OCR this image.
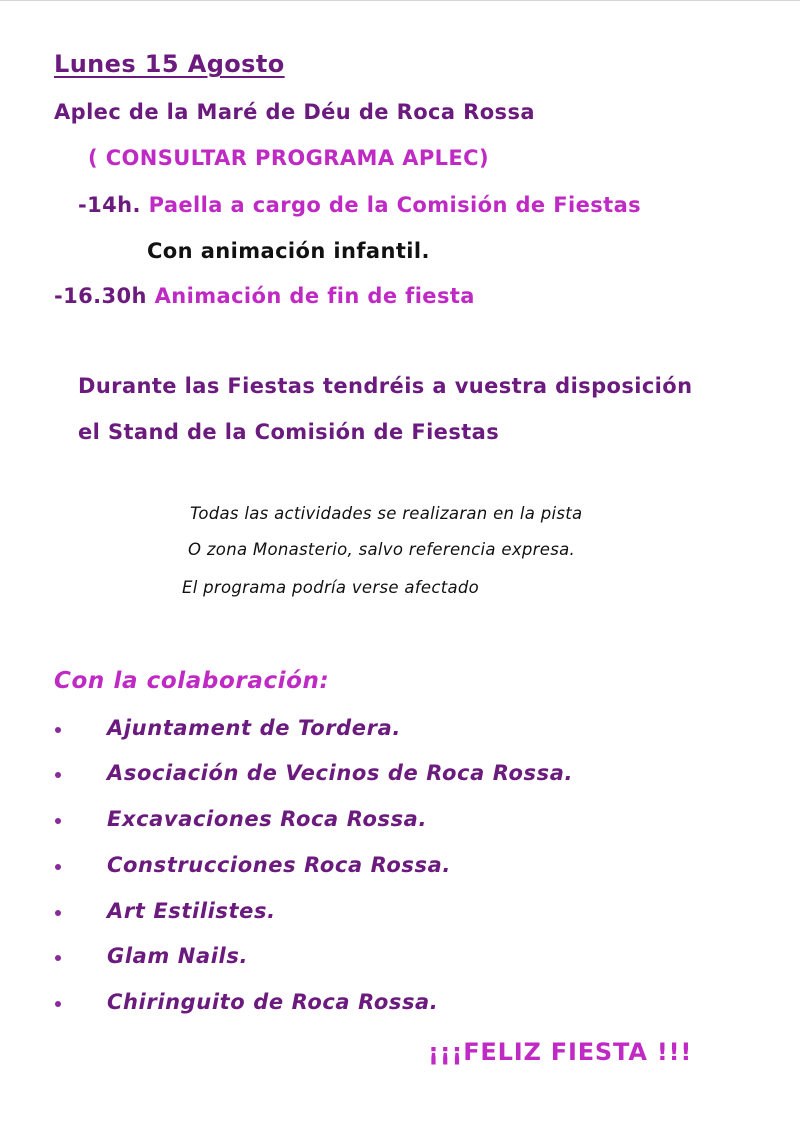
Lunes 15 Agosto
Aplec de la Maré de Déu de Roca Rossa
( CONSULTAR PROGRAMA APLEC)
-14h. Paella a cargo de la Comisión de Fiestas
Con animación infantil.
-16.30h Animación de fin de fiesta
Durante las Fiestas tendréis a vuestra disposición
el Stand de la Comisión de Fiestas
Todas las actividades se realizaran en la pista
O zona Monasterio, salvo referencia expresa.
El programa podría verse afectado
Con la colaboración:
Ajuntament de Tordera.
Asociación de Vecinos de Roca Rossa.
Excavaciones Roca Rossa.
Construcciones Roca Rossa.
Art Estilistes.
Glam Nails.
Chiringuito de Roca Rossa.
¡¡¡FELIZ FIESTA !!!
